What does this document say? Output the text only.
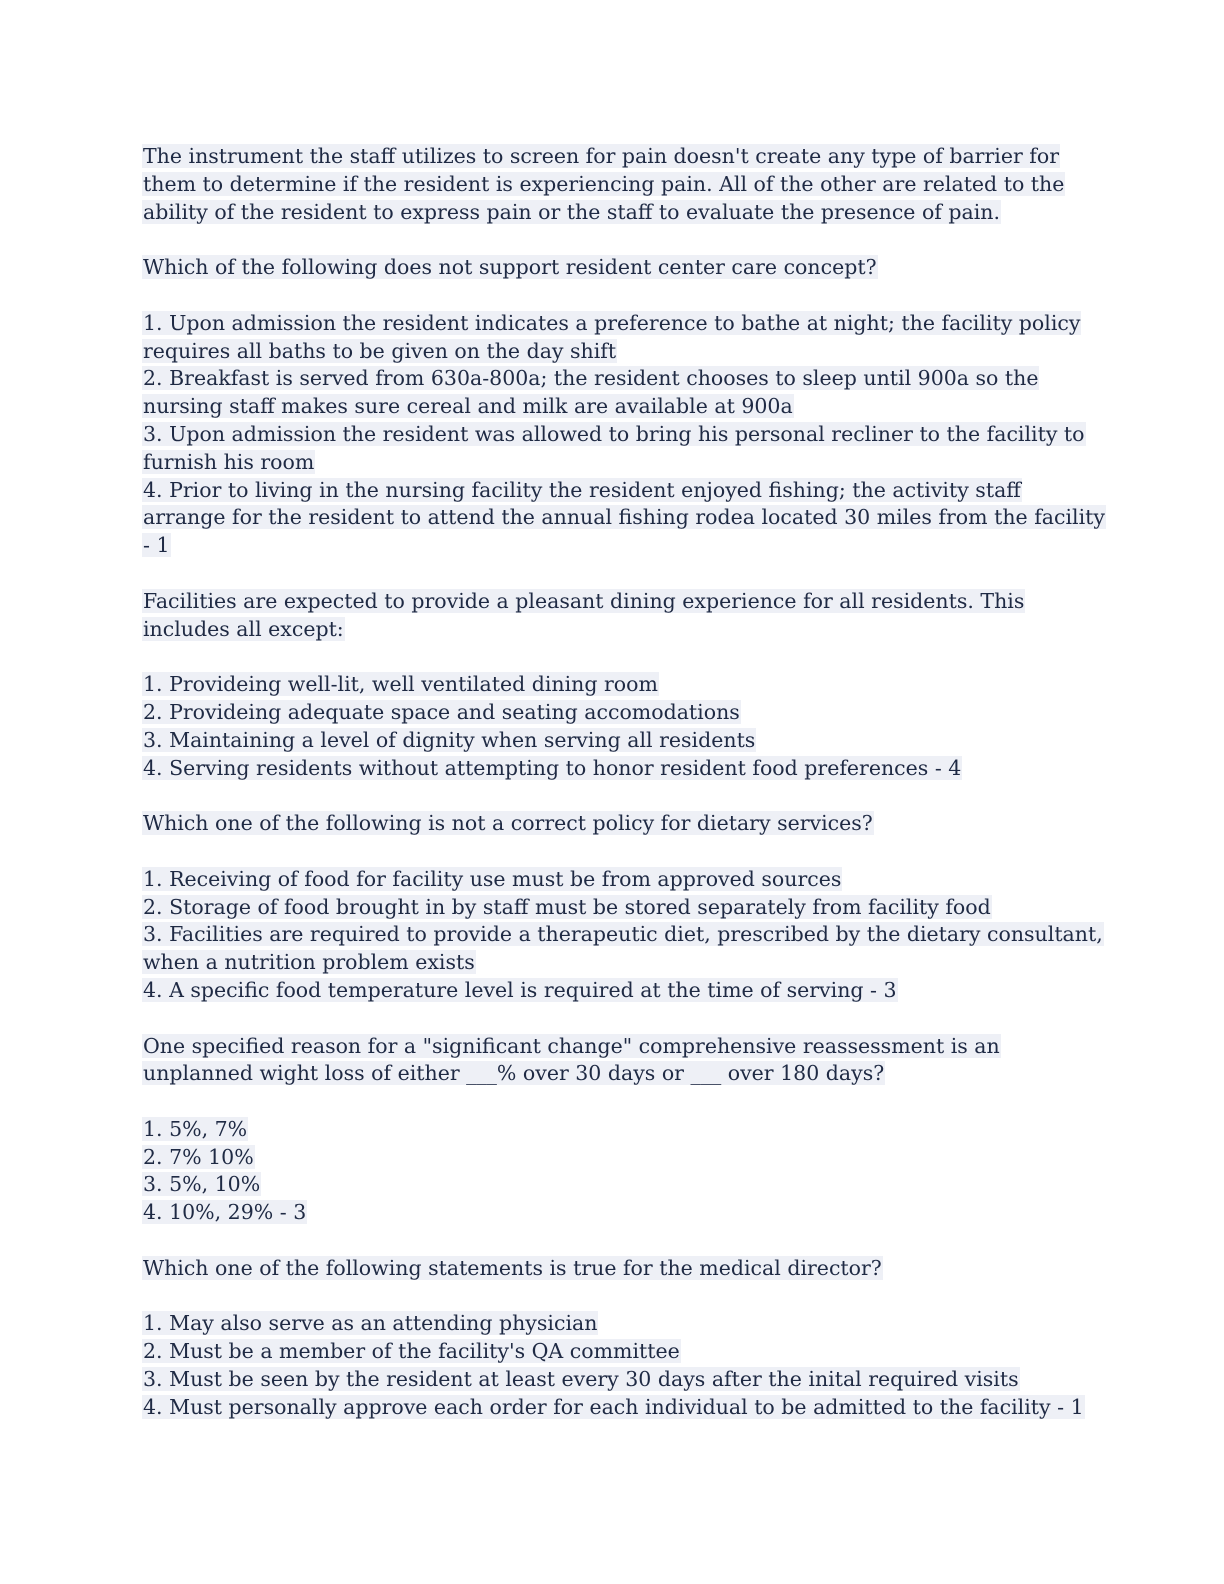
The instrument the staff utilizes to screen for pain doesn't create any type of barrier for
them to determine if the resident is experiencing pain. All of the other are related to the
ability of the resident to express pain or the staff to evaluate the presence of pain.
Which of the following does not support resident center care concept?
1. Upon admission the resident indicates a preference to bathe at night; the facility policy
requires all baths to be given on the day shift
2. Breakfast is served from 630a-800a; the resident chooses to sleep until 900a so the
nursing staff makes sure cereal and milk are available at 900a
3. Upon admission the resident was allowed to bring his personal recliner to the facility to
furnish his room
4. Prior to living in the nursing facility the resident enjoyed fishing; the activity staff
arrange for the resident to attend the annual fishing rodea located 30 miles from the facility
- 1
Facilities are expected to provide a pleasant dining experience for all residents. This
includes all except:
1. Provideing well-lit, well ventilated dining room
2. Provideing adequate space and seating accomodations
3. Maintaining a level of dignity when serving all residents
4. Serving residents without attempting to honor resident food preferences - 4
Which one of the following is not a correct policy for dietary services?
1. Receiving of food for facility use must be from approved sources
2. Storage of food brought in by staff must be stored separately from facility food
3. Facilities are required to provide a therapeutic diet, prescribed by the dietary consultant,
when a nutrition problem exists
4. A specific food temperature level is required at the time of serving - 3
One specified reason for a "significant change" comprehensive reassessment is an
unplanned wight loss of either ___% over 30 days or ___ over 180 days?
1. 5%, 7%
2. 7% 10%
3. 5%, 10%
4. 10%, 29% - 3
Which one of the following statements is true for the medical director?
1. May also serve as an attending physician
2. Must be a member of the facility's QA committee
3. Must be seen by the resident at least every 30 days after the inital required visits
4. Must personally approve each order for each individual to be admitted to the facility - 1
